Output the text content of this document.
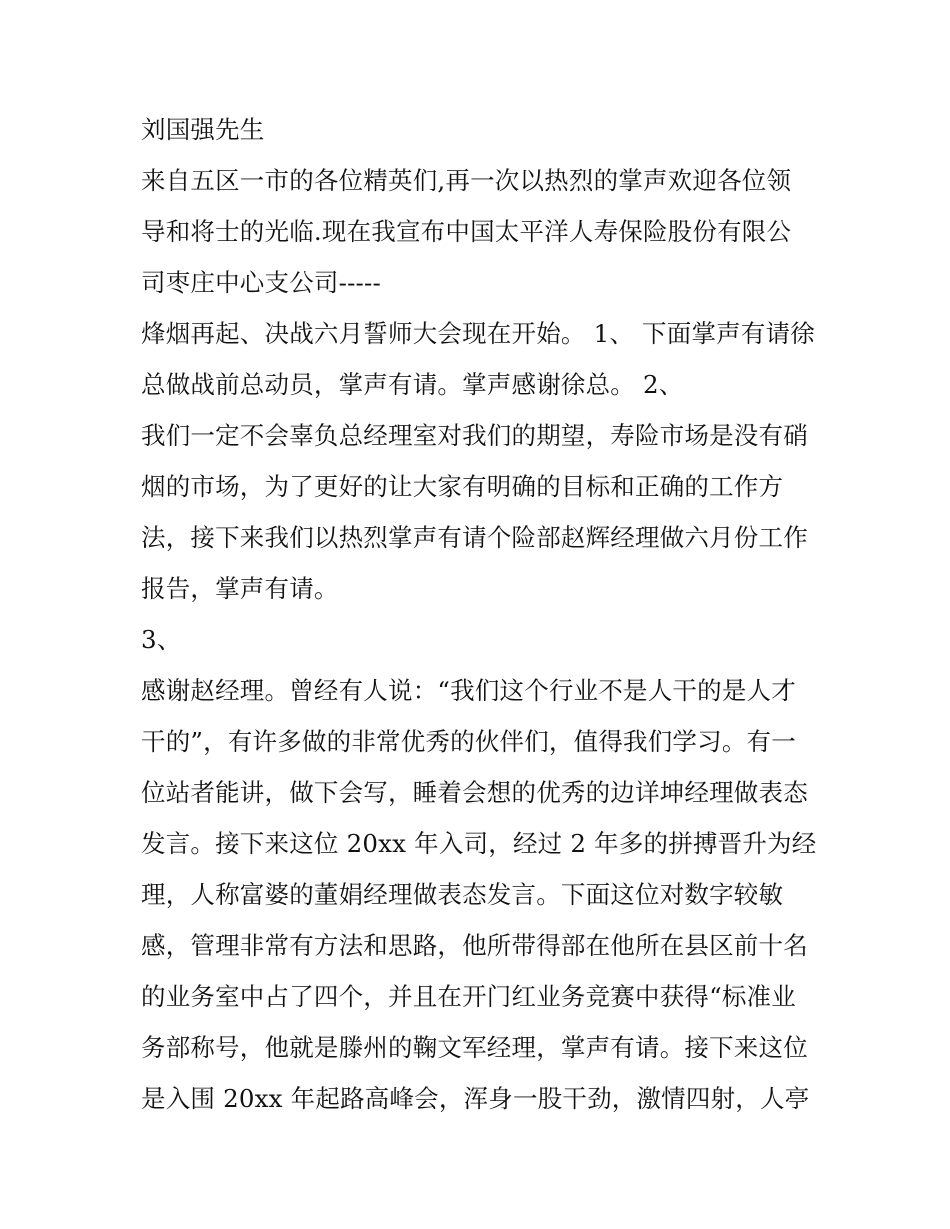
刘国强先生
来自五区一市的各位精英们,再一次以热烈的掌声欢迎各位领
导和将士的光临.现在我宣布中国太平洋人寿保险股份有限公
司枣庄中心支公司-----
烽烟再起、决战六月誓师大会现在开始。 1、 下面掌声有请徐
总做战前总动员，掌声有请。掌声感谢徐总。 2、
我们一定不会辜负总经理室对我们的期望，寿险市场是没有硝
烟的市场，为了更好的让大家有明确的目标和正确的工作方
法，接下来我们以热烈掌声有请个险部赵辉经理做六月份工作
报告，掌声有请。
3、
感谢赵经理。曾经有人说：“我们这个行业不是人干的是人才
干的”，有许多做的非常优秀的伙伴们，值得我们学习。有一
位站者能讲，做下会写，睡着会想的优秀的边详坤经理做表态
发言。接下来这位 20xx 年入司，经过 2 年多的拼搏晋升为经
理，人称富婆的董娟经理做表态发言。下面这位对数字较敏
感，管理非常有方法和思路，他所带得部在他所在县区前十名
的业务室中占了四个，并且在开门红业务竞赛中获得“标准业
务部称号，他就是滕州的鞠文军经理，掌声有请。接下来这位
是入围 20xx 年起路高峰会，浑身一股干劲，激情四射，人亭
